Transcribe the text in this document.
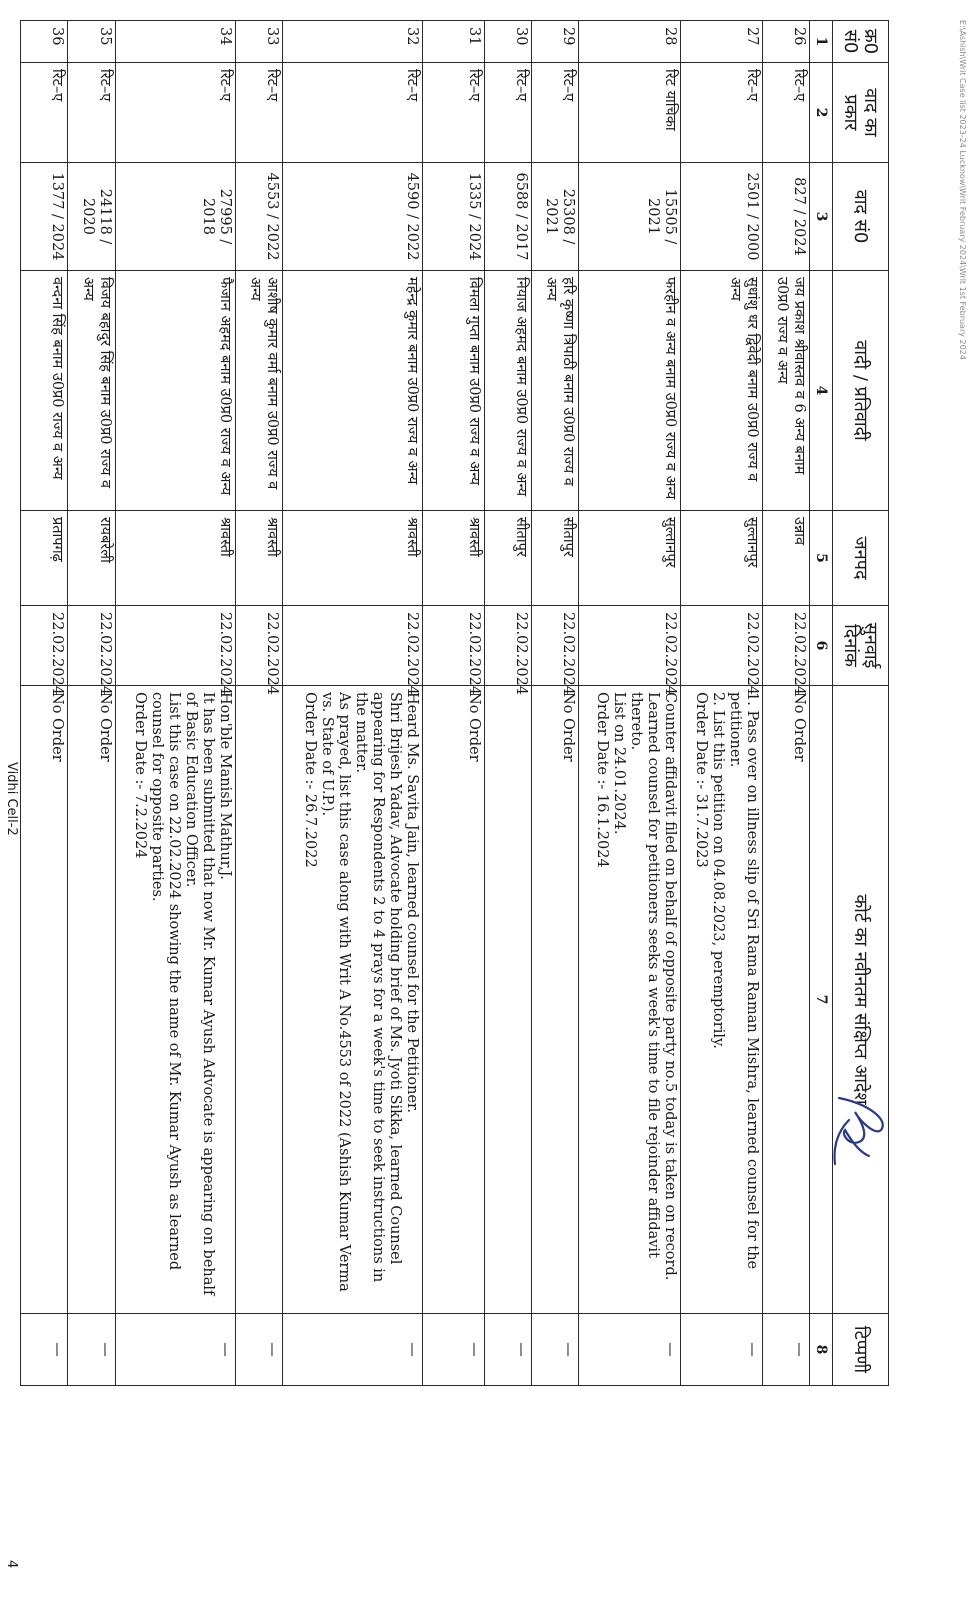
E:\Ashish\Writ Case list 2023-24 Lucknow\Writ February 2024\Writ 1st February 2024
क्र0 सं0	वाद का प्रकार	वाद सं0	वादी / प्रतिवादी	जनपद	सुनवाई दिनांक	कोर्ट का नवीनतम संक्षिप्त आदेश	टिप्पणी
1	2	3	4	5	6	7	8
26	रिट–ए	827 / 2024	जय प्रकाश श्रीवास्तव व 6 अन्य बनाम उ0प्र0 राज्य व अन्य	उन्नाव	22.02.2024	No Order	—
27	रिट–ए	2501 / 2000	सुधांशु धर द्विवेदी बनाम उ0प्र0 राज्य व अन्य	सुल्तानपुर	22.02.2024	1. Pass over on illness slip of Sri Rama Raman Mishra, learned counsel for the petitioner.
2. List this petition on 04.08.2023, peremptorily.
Order Date :- 31.7.2023	—
28	रिट याचिका	15505 / 2021	फरहीन व अन्य बनाम उ0प्र0 राज्य व अन्य	सुल्तानपुर	22.02.2024	Counter affidavit filed on behalf of opposite party no.5 today is taken on record.
Learned counsel for petitioners seeks a week's time to file rejoinder affidavit thereto.
List on 24.01.2024.
Order Date :- 16.1.2024	—
29	रिट–ए	25308 / 2021	हरि कृष्णा त्रिपाठी बनाम उ0प्र0 राज्य व अन्य	सीतापुर	22.02.2024	No Order	—
30	रिट–ए	6588 / 2017	नियाज अहमद बनाम उ0प्र0 राज्य व अन्य	सीतापुर	22.02.2024		—
31	रिट–ए	1335 / 2024	विमला गुप्ता बनाम उ0प्र0 राज्य व अन्य	श्रावस्ती	22.02.2024	No Order	—
32	रिट–ए	4590 / 2022	महेन्द्र कुमार बनाम उ0प्र0 राज्य व अन्य	श्रावस्ती	22.02.2024	Heard Ms. Savita Jain, learned counsel for the Petitioner.
Shri Brijesh Yadav, Advocate holding brief of Ms. Jyoti Sikka, learned Counsel appearing for Respondents 2 to 4 prays for a week's time to seek instructions in the matter.
As prayed, list this case along with Writ A No.4553 of 2022 (Ashish Kumar Verma vs. State of U.P.).
Order Date :- 26.7.2022	—
33	रिट–ए	4553 / 2022	आशीष कुमार वर्मा बनाम उ0प्र0 राज्य व अन्य	श्रावस्ती	22.02.2024		—
34	रिट–ए	27995 / 2018	फैजान अहमद बनाम उ0प्र0 राज्य व अन्य	श्रावस्ती	22.02.2024	Hon'ble Manish Mathur,J.
It has been submitted that now Mr. Kumar Ayush Advocate is appearing on behalf of Basic Education Officer.
List this case on 22.02.2024 showing the name of Mr. Kumar Ayush as learned counsel for opposite parties.
Order Date :- 7.2.2024	—
35	रिट–ए	24118 / 2020	विजय बहादुर सिंह बनाम उ0प्र0 राज्य व अन्य	रायबरेली	22.02.2024	No Order	—
36	रिट–ए	1377 / 2024	वन्दना सिंह बनाम उ0प्र0 राज्य व अन्य	प्रतापगढ़	22.02.2024	No Order	—
Vidhi Cell-2
4
